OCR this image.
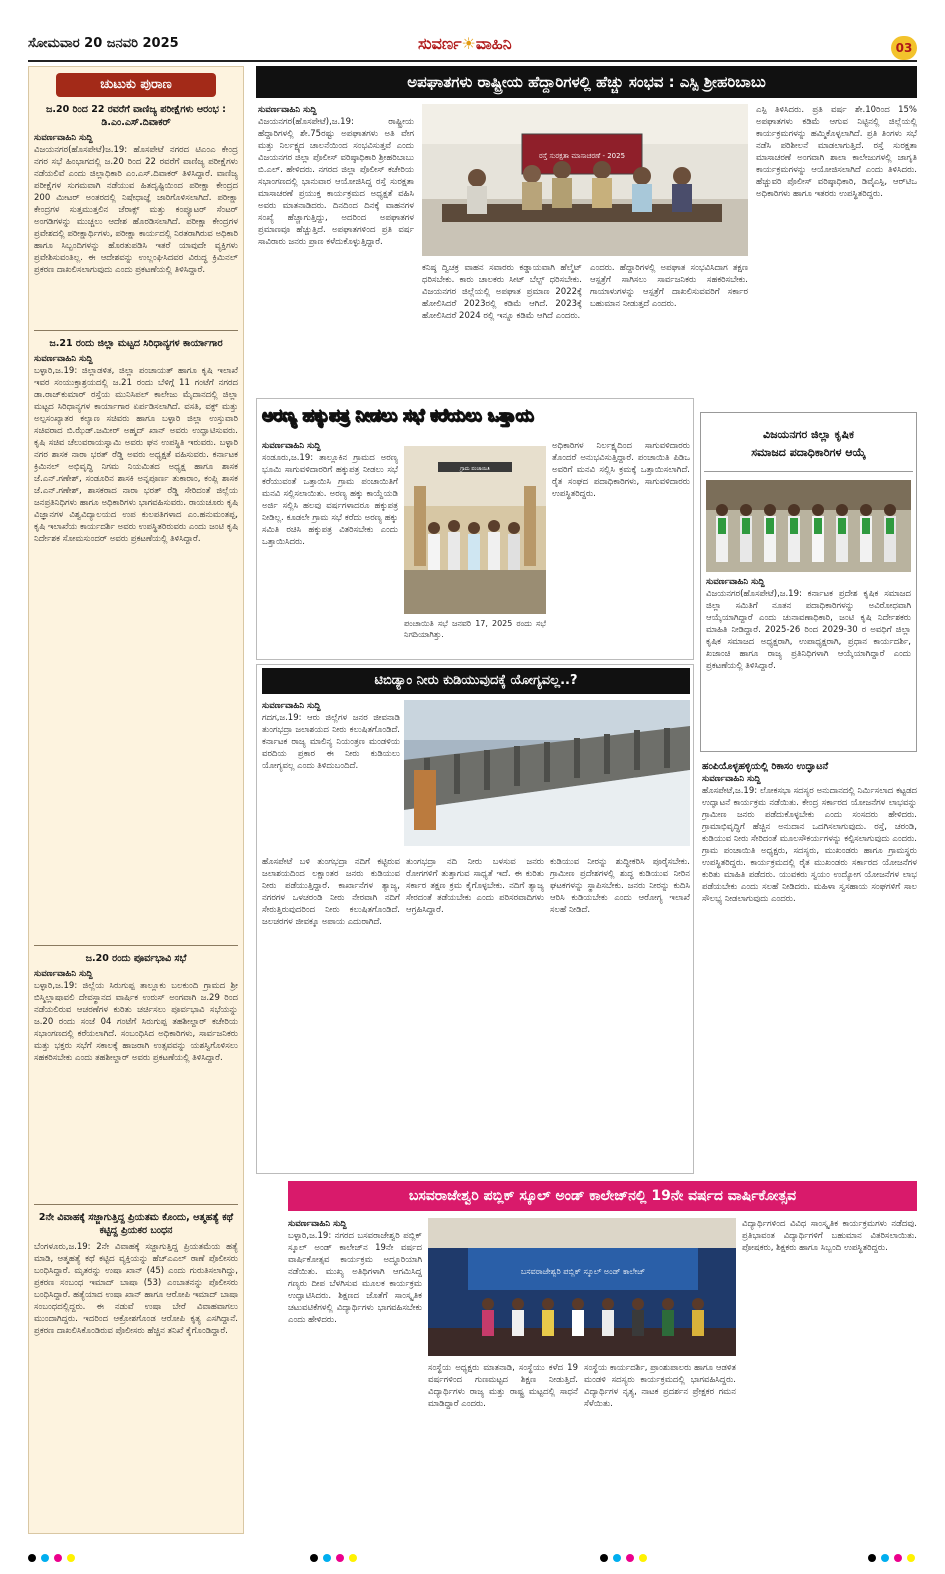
ಸೋಮವಾರ 20 ಜನವರಿ 2025	ಸುವರ್ಣ☀ವಾಹಿನಿ	03
ಚುಟುಕು ಪುರಾಣ
ಜ.20 ರಿಂದ 22 ರವರೆಗೆ ವಾಣಿಜ್ಯ ಪರೀಕ್ಷೆಗಳು ಆರಂಭ : ಡಿ.ಎಂ.ಎಸ್.ದಿವಾಕರ್
ಸುವರ್ಣವಾಹಿನಿ ಸುದ್ದಿ
ವಿಜಯನಗರ(ಹೊಸಪೇಟೆ)ಜ.19: ಹೊಸಪೇಟೆ ನಗರದ ಟಿಎಂಎ ಕೇಂದ್ರ ನಗರ ಸಭೆ ಹಿಂಭಾಗದಲ್ಲಿ ಜ.20 ರಿಂದ 22 ರವರೆಗೆ ವಾಣಿಜ್ಯ ಪರೀಕ್ಷೆಗಳು ನಡೆಯಲಿವೆ ಎಂದು ಜಿಲ್ಲಾಧಿಕಾರಿ ಎಂ.ಎಸ್.ದಿವಾಕರ್ ತಿಳಿಸಿದ್ದಾರೆ. ವಾಣಿಜ್ಯ ಪರೀಕ್ಷೆಗಳ ಸುಗಮವಾಗಿ ನಡೆಯುವ ಹಿತದೃಷ್ಟಿಯಿಂದ ಪರೀಕ್ಷಾ ಕೇಂದ್ರದ 200 ಮೀಟರ್ ಅಂತರದಲ್ಲಿ ನಿಷೇಧಾಜ್ಞೆ ಜಾರಿಗೊಳಿಸಲಾಗಿದೆ. ಪರೀಕ್ಷಾ ಕೇಂದ್ರಗಳ ಸುತ್ತಮುತ್ತಲಿನ ಜೆರಾಕ್ಸ್ ಮತ್ತು ಕಂಪ್ಯೂಟರ್ ಸೆಂಟರ್ ಅಂಗಡಿಗಳನ್ನು ಮುಚ್ಚಲು ಆದೇಶ ಹೊರಡಿಸಲಾಗಿದೆ. ಪರೀಕ್ಷಾ ಕೇಂದ್ರಗಳ ಪ್ರವೇಶದಲ್ಲಿ ಪರೀಕ್ಷಾರ್ಥಿಗಳು, ಪರೀಕ್ಷಾ ಕಾರ್ಯದಲ್ಲಿ ನಿರತರಾಗಿರುವ ಅಧಿಕಾರಿ ಹಾಗೂ ಸಿಬ್ಬಂದಿಗಳನ್ನು ಹೊರತುಪಡಿಸಿ ಇತರೆ ಯಾವುದೇ ವ್ಯಕ್ತಿಗಳು ಪ್ರವೇಶಿಸುವಂತಿಲ್ಲ. ಈ ಆದೇಶವನ್ನು ಉಲ್ಲಂಘಿಸಿದವರ ವಿರುದ್ಧ ಕ್ರಿಮಿನಲ್ ಪ್ರಕರಣ ದಾಖಲಿಸಲಾಗುವುದು ಎಂದು ಪ್ರಕಟಣೆಯಲ್ಲಿ ತಿಳಿಸಿದ್ದಾರೆ.
ಜ.21 ರಂದು ಜಿಲ್ಲಾ ಮಟ್ಟದ ಸಿರಿಧಾನ್ಯಗಳ ಕಾರ್ಯಾಗಾರ
ಸುವರ್ಣವಾಹಿನಿ ಸುದ್ದಿ
ಬಳ್ಳಾರಿ,ಜ.19: ಜಿಲ್ಲಾಡಳಿತ, ಜಿಲ್ಲಾ ಪಂಚಾಯತ್ ಹಾಗೂ ಕೃಷಿ ಇಲಾಖೆ ಇವರ ಸಂಯುಕ್ತಾಶ್ರಯದಲ್ಲಿ ಜ.21 ರಂದು ಬೆಳಿಗ್ಗೆ 11 ಗಂಟೆಗೆ ನಗರದ ಡಾ.ರಾಜ್‌ಕುಮಾರ್ ರಸ್ತೆಯ ಮುನಿಸಿಪಲ್ ಕಾಲೇಜು ಮೈದಾನದಲ್ಲಿ ಜಿಲ್ಲಾ ಮಟ್ಟದ ಸಿರಿಧಾನ್ಯಗಳ ಕಾರ್ಯಾಗಾರ ಏರ್ಪಡಿಸಲಾಗಿದೆ. ವಸತಿ, ವಕ್ಫ್ ಮತ್ತು ಅಲ್ಪಸಂಖ್ಯಾತರ ಕಲ್ಯಾಣ ಸಚಿವರು ಹಾಗೂ ಬಳ್ಳಾರಿ ಜಿಲ್ಲಾ ಉಸ್ತುವಾರಿ ಸಚಿವರಾದ ಬಿ.ಝೆಡ್.ಜಮೀರ್ ಅಹ್ಮದ್ ಖಾನ್ ಅವರು ಉದ್ಘಾಟಿಸುವರು. ಕೃಷಿ ಸಚಿವ ಚೆಲುವರಾಯಸ್ವಾಮಿ ಅವರು ಘನ ಉಪಸ್ಥಿತಿ ಇರುವರು. ಬಳ್ಳಾರಿ ನಗರ ಶಾಸಕ ನಾರಾ ಭರತ್ ರೆಡ್ಡಿ ಅವರು ಅಧ್ಯಕ್ಷತೆ ವಹಿಸುವರು. ಕರ್ನಾಟಕ ಕ್ರಿಮಿನಲ್ ಅಭಿವೃದ್ಧಿ ನಿಗಮ ನಿಯಮಿತದ ಅಧ್ಯಕ್ಷ ಹಾಗೂ ಶಾಸಕ ಜೆ.ಎನ್.ಗಣೇಶ್, ಸಂಡೂರಿನ ಶಾಸಕಿ ಅನ್ನಪೂರ್ಣ ತುಕಾರಾಂ, ಕಂಪ್ಲಿ ಶಾಸಕ ಜೆ.ಎನ್.ಗಣೇಶ್, ಶಾಸಕರಾದ ನಾರಾ ಭರತ್ ರೆಡ್ಡಿ ಸೇರಿದಂತೆ ಜಿಲ್ಲೆಯ ಜನಪ್ರತಿನಿಧಿಗಳು ಹಾಗೂ ಅಧಿಕಾರಿಗಳು ಭಾಗವಹಿಸುವರು. ರಾಯಚೂರು ಕೃಷಿ ವಿಜ್ಞಾನಗಳ ವಿಶ್ವವಿದ್ಯಾಲಯದ ಉಪ ಕುಲಪತಿಗಳಾದ ಎಂ.ಹನುಮಂತಪ್ಪ, ಕೃಷಿ ಇಲಾಖೆಯ ಕಾರ್ಯದರ್ಶಿ ಅವರು ಉಪಸ್ಥಿತರಿರುವರು ಎಂದು ಜಂಟಿ ಕೃಷಿ ನಿರ್ದೇಶಕ ಸೋಮಸುಂದರ್ ಅವರು ಪ್ರಕಟಣೆಯಲ್ಲಿ ತಿಳಿಸಿದ್ದಾರೆ.
ಜ.20 ರಂದು ಪೂರ್ವಭಾವಿ ಸಭೆ
ಸುವರ್ಣವಾಹಿನಿ ಸುದ್ದಿ
ಬಳ್ಳಾರಿ,ಜ.19: ಜಿಲ್ಲೆಯ ಸಿರುಗುಪ್ಪ ತಾಲ್ಲೂಕು ಬಲಕುಂದಿ ಗ್ರಾಮದ ಶ್ರೀ ಬಿಸ್ಮಿಲ್ಲಾಷಾವಲಿ ದೇವಸ್ಥಾನದ ವಾರ್ಷಿಕ ಉರುಸ್ ಅಂಗವಾಗಿ ಜ.29 ರಿಂದ ನಡೆಯಲಿರುವ ಆಚರಣೆಗಳ ಕುರಿತು ಚರ್ಚಿಸಲು ಪೂರ್ವಭಾವಿ ಸಭೆಯನ್ನು ಜ.20 ರಂದು ಸಂಜೆ 04 ಗಂಟೆಗೆ ಸಿರುಗುಪ್ಪ ತಹಶೀಲ್ದಾರ್ ಕಚೇರಿಯ ಸಭಾಂಗಣದಲ್ಲಿ ಕರೆಯಲಾಗಿದೆ. ಸಂಬಂಧಿಸಿದ ಅಧಿಕಾರಿಗಳು, ಸಾರ್ವಜನಿಕರು ಮತ್ತು ಭಕ್ತರು ಸಭೆಗೆ ಸಕಾಲಕ್ಕೆ ಹಾಜರಾಗಿ ಉತ್ಸವವನ್ನು ಯಶಸ್ವಿಗೊಳಿಸಲು ಸಹಕರಿಸಬೇಕು ಎಂದು ತಹಶೀಲ್ದಾರ್ ಅವರು ಪ್ರಕಟಣೆಯಲ್ಲಿ ತಿಳಿಸಿದ್ದಾರೆ.
2ನೇ ವಿವಾಹಕ್ಕೆ ಸಜ್ಜಾಗುತ್ತಿದ್ದ ಪ್ರಿಯತಮ ಕೊಂದು, ಆತ್ಮಹತ್ಯೆ ಕಥೆ ಕಟ್ಟಿದ್ದ ಪ್ರಿಯಕರ ಬಂಧನ
ಬೆಂಗಳೂರು,ಜ.19: 2ನೇ ವಿವಾಹಕ್ಕೆ ಸಜ್ಜಾಗುತ್ತಿದ್ದ ಪ್ರಿಯತಮೆಯ ಹತ್ಯೆ ಮಾಡಿ, ಆತ್ಮಹತ್ಯೆ ಕಥೆ ಕಟ್ಟಿದ ವ್ಯಕ್ತಿಯನ್ನು ಹೆಚ್ಎಎಲ್ ಠಾಣೆ ಪೊಲೀಸರು ಬಂಧಿಸಿದ್ದಾರೆ. ಮೃತರನ್ನು ಉಷಾ ಖಾನ್ (45) ಎಂದು ಗುರುತಿಸಲಾಗಿದ್ದು, ಪ್ರಕರಣ ಸಂಬಂಧ ಇಮಾದ್ ಬಾಷಾ (53) ಎಂಬಾತನನ್ನು ಪೊಲೀಸರು ಬಂಧಿಸಿದ್ದಾರೆ. ಹತ್ಯೆಯಾದ ಉಷಾ ಖಾನ್ ಹಾಗೂ ಆರೋಪಿ ಇಮಾದ್ ಬಾಷಾ ಸಂಬಂಧದಲ್ಲಿದ್ದರು. ಈ ನಡುವೆ ಉಷಾ ಬೇರೆ ವಿವಾಹವಾಗಲು ಮುಂದಾಗಿದ್ದರು. ಇದರಿಂದ ಆಕ್ರೋಶಗೊಂಡ ಆರೋಪಿ ಕೃತ್ಯ ಎಸಗಿದ್ದಾನೆ. ಪ್ರಕರಣ ದಾಖಲಿಸಿಕೊಂಡಿರುವ ಪೊಲೀಸರು ಹೆಚ್ಚಿನ ತನಿಖೆ ಕೈಗೊಂಡಿದ್ದಾರೆ.
ಅಪಘಾತಗಳು ರಾಷ್ಟ್ರೀಯ ಹೆದ್ದಾರಿಗಳಲ್ಲಿ ಹೆಚ್ಚು ಸಂಭವ : ಎಸ್ಪಿ ಶ್ರೀಹರಿಬಾಬು
ಸುವರ್ಣವಾಹಿನಿ ಸುದ್ದಿ
ವಿಜಯನಗರ(ಹೊಸಪೇಟೆ),ಜ.19: ರಾಷ್ಟ್ರೀಯ ಹೆದ್ದಾರಿಗಳಲ್ಲಿ ಶೇ.75ರಷ್ಟು ಅಪಘಾತಗಳು ಅತಿ ವೇಗ ಮತ್ತು ನಿರ್ಲಕ್ಷ್ಯದ ಚಾಲನೆಯಿಂದ ಸಂಭವಿಸುತ್ತವೆ ಎಂದು ವಿಜಯನಗರ ಜಿಲ್ಲಾ ಪೊಲೀಸ್ ವರಿಷ್ಠಾಧಿಕಾರಿ ಶ್ರೀಹರಿಬಾಬು ಬಿ.ಎಲ್. ಹೇಳಿದರು. ನಗರದ ಜಿಲ್ಲಾ ಪೊಲೀಸ್ ಕಚೇರಿಯ ಸಭಾಂಗಣದಲ್ಲಿ ಭಾನುವಾರ ಆಯೋಜಿಸಿದ್ದ ರಸ್ತೆ ಸುರಕ್ಷತಾ ಮಾಸಾಚರಣೆ ಪ್ರಯುಕ್ತ ಕಾರ್ಯಕ್ರಮದ ಅಧ್ಯಕ್ಷತೆ ವಹಿಸಿ ಅವರು ಮಾತನಾಡಿದರು. ದಿನದಿಂದ ದಿನಕ್ಕೆ ವಾಹನಗಳ ಸಂಖ್ಯೆ ಹೆಚ್ಚಾಗುತ್ತಿದ್ದು, ಅದರಿಂದ ಅಪಘಾತಗಳ ಪ್ರಮಾಣವೂ ಹೆಚ್ಚುತ್ತಿದೆ. ಅಪಘಾತಗಳಿಂದ ಪ್ರತಿ ವರ್ಷ ಸಾವಿರಾರು ಜನರು ಪ್ರಾಣ ಕಳೆದುಕೊಳ್ಳುತ್ತಿದ್ದಾರೆ.
ರಸ್ತೆ ಸುರಕ್ಷತಾ ಮಾಸಾಚರಣೆ - 2025
ಕನಿಷ್ಠ ದ್ವಿಚಕ್ರ ವಾಹನ ಸವಾರರು ಕಡ್ಡಾಯವಾಗಿ ಹೆಲ್ಮೆಟ್ ಧರಿಸಬೇಕು. ಕಾರು ಚಾಲಕರು ಸೀಟ್ ಬೆಲ್ಟ್ ಧರಿಸಬೇಕು. ವಿಜಯನಗರ ಜಿಲ್ಲೆಯಲ್ಲಿ ಅಪಘಾತ ಪ್ರಮಾಣ 2022ಕ್ಕೆ ಹೋಲಿಸಿದರೆ 2023ರಲ್ಲಿ ಕಡಿಮೆ ಆಗಿದೆ. 2023ಕ್ಕೆ ಹೋಲಿಸಿದರೆ 2024 ರಲ್ಲಿ ಇನ್ನೂ ಕಡಿಮೆ ಆಗಿದೆ ಎಂದರು.
ಎಂದರು. ಹೆದ್ದಾರಿಗಳಲ್ಲಿ ಅಪಘಾತ ಸಂಭವಿಸಿದಾಗ ತಕ್ಷಣ ಆಸ್ಪತ್ರೆಗೆ ಸಾಗಿಸಲು ಸಾರ್ವಜನಿಕರು ಸಹಕರಿಸಬೇಕು. ಗಾಯಾಳುಗಳನ್ನು ಆಸ್ಪತ್ರೆಗೆ ದಾಖಲಿಸುವವರಿಗೆ ಸರ್ಕಾರ ಬಹುಮಾನ ನೀಡುತ್ತದೆ ಎಂದರು.
ಎಸ್ಪಿ ತಿಳಿಸಿದರು. ಪ್ರತಿ ವರ್ಷ ಶೇ.10ರಿಂದ 15% ಅಪಘಾತಗಳು ಕಡಿಮೆ ಆಗುವ ನಿಟ್ಟಿನಲ್ಲಿ ಜಿಲ್ಲೆಯಲ್ಲಿ ಕಾರ್ಯಕ್ರಮಗಳನ್ನು ಹಮ್ಮಿಕೊಳ್ಳಲಾಗಿದೆ. ಪ್ರತಿ ತಿಂಗಳು ಸಭೆ ನಡೆಸಿ ಪರಿಶೀಲನೆ ಮಾಡಲಾಗುತ್ತಿದೆ. ರಸ್ತೆ ಸುರಕ್ಷತಾ ಮಾಸಾಚರಣೆ ಅಂಗವಾಗಿ ಶಾಲಾ ಕಾಲೇಜುಗಳಲ್ಲಿ ಜಾಗೃತಿ ಕಾರ್ಯಕ್ರಮಗಳನ್ನು ಆಯೋಜಿಸಲಾಗಿದೆ ಎಂದು ತಿಳಿಸಿದರು. ಹೆಚ್ಚುವರಿ ಪೊಲೀಸ್ ವರಿಷ್ಠಾಧಿಕಾರಿ, ಡಿವೈಎಸ್ಪಿ, ಆರ್‌ಟಿಒ ಅಧಿಕಾರಿಗಳು ಹಾಗೂ ಇತರರು ಉಪಸ್ಥಿತರಿದ್ದರು.
ಅರಣ್ಯ ಹಕ್ಕುಪತ್ರ ನೀಡಲು ಸಭೆ ಕರೆಯಲು ಒತ್ತಾಯ
ಸುವರ್ಣವಾಹಿನಿ ಸುದ್ದಿ
ಸಂಡೂರು,ಜ.19: ತಾಲ್ಲೂಕಿನ ಗ್ರಾಮದ ಅರಣ್ಯ ಭೂಮಿ ಸಾಗುವಳಿದಾರರಿಗೆ ಹಕ್ಕುಪತ್ರ ನೀಡಲು ಸಭೆ ಕರೆಯುವಂತೆ ಒತ್ತಾಯಿಸಿ ಗ್ರಾಮ ಪಂಚಾಯಿತಿಗೆ ಮನವಿ ಸಲ್ಲಿಸಲಾಯಿತು. ಅರಣ್ಯ ಹಕ್ಕು ಕಾಯ್ದೆಯಡಿ ಅರ್ಜಿ ಸಲ್ಲಿಸಿ ಹಲವು ವರ್ಷಗಳಾದರೂ ಹಕ್ಕುಪತ್ರ ನೀಡಿಲ್ಲ. ಕೂಡಲೇ ಗ್ರಾಮ ಸಭೆ ಕರೆದು ಅರಣ್ಯ ಹಕ್ಕು ಸಮಿತಿ ರಚಿಸಿ ಹಕ್ಕುಪತ್ರ ವಿತರಿಸಬೇಕು ಎಂದು ಒತ್ತಾಯಿಸಿದರು.
ಗ್ರಾಮ ಪಂಚಾಯಿತಿ
ಪಂಚಾಯಿತಿ ಸಭೆ ಜನವರಿ 17, 2025 ರಂದು ಸಭೆ ನಿಗದಿಯಾಗಿತ್ತು.
ಅಧಿಕಾರಿಗಳ ನಿರ್ಲಕ್ಷ್ಯದಿಂದ ಸಾಗುವಳಿದಾರರು ತೊಂದರೆ ಅನುಭವಿಸುತ್ತಿದ್ದಾರೆ. ಪಂಚಾಯಿತಿ ಪಿಡಿಒ ಅವರಿಗೆ ಮನವಿ ಸಲ್ಲಿಸಿ ಕ್ರಮಕ್ಕೆ ಒತ್ತಾಯಿಸಲಾಗಿದೆ. ರೈತ ಸಂಘದ ಪದಾಧಿಕಾರಿಗಳು, ಸಾಗುವಳಿದಾರರು ಉಪಸ್ಥಿತರಿದ್ದರು.
ವಿಜಯನಗರ ಜಿಲ್ಲಾ ಕೃಷಿಕ
ಸಮಾಜದ ಪದಾಧಿಕಾರಿಗಳ ಆಯ್ಕೆ
ಸುವರ್ಣವಾಹಿನಿ ಸುದ್ದಿ
ವಿಜಯನಗರ(ಹೊಸಪೇಟೆ),ಜ.19: ಕರ್ನಾಟಕ ಪ್ರದೇಶ ಕೃಷಿಕ ಸಮಾಜದ ಜಿಲ್ಲಾ ಸಮಿತಿಗೆ ನೂತನ ಪದಾಧಿಕಾರಿಗಳನ್ನು ಅವಿರೋಧವಾಗಿ ಆಯ್ಕೆಯಾಗಿದ್ದಾರೆ ಎಂದು ಚುನಾವಣಾಧಿಕಾರಿ, ಜಂಟಿ ಕೃಷಿ ನಿರ್ದೇಶಕರು ಮಾಹಿತಿ ನೀಡಿದ್ದಾರೆ. 2025-26 ರಿಂದ 2029-30 ರ ಅವಧಿಗೆ ಜಿಲ್ಲಾ ಕೃಷಿಕ ಸಮಾಜದ ಅಧ್ಯಕ್ಷರಾಗಿ, ಉಪಾಧ್ಯಕ್ಷರಾಗಿ, ಪ್ರಧಾನ ಕಾರ್ಯದರ್ಶಿ, ಖಜಾಂಚಿ ಹಾಗೂ ರಾಜ್ಯ ಪ್ರತಿನಿಧಿಗಳಾಗಿ ಆಯ್ಕೆಯಾಗಿದ್ದಾರೆ ಎಂದು ಪ್ರಕಟಣೆಯಲ್ಲಿ ತಿಳಿಸಿದ್ದಾರೆ.
ಟಿಬಿಡ್ಯಾಂ ನೀರು ಕುಡಿಯುವುದಕ್ಕೆ ಯೋಗ್ಯವಲ್ಲ..?
ಸುವರ್ಣವಾಹಿನಿ ಸುದ್ದಿ
ಗದಗ,ಜ.19: ಆರು ಜಿಲ್ಲೆಗಳ ಜನರ ಜೀವನಾಡಿ ತುಂಗಭದ್ರಾ ಜಲಾಶಯದ ನೀರು ಕಲುಷಿತಗೊಂಡಿದೆ. ಕರ್ನಾಟಕ ರಾಜ್ಯ ಮಾಲಿನ್ಯ ನಿಯಂತ್ರಣ ಮಂಡಳಿಯ ವರದಿಯ ಪ್ರಕಾರ ಈ ನೀರು ಕುಡಿಯಲು ಯೋಗ್ಯವಲ್ಲ ಎಂದು ತಿಳಿದುಬಂದಿದೆ.
ಹೊಸಪೇಟೆ ಬಳಿ ತುಂಗಭದ್ರಾ ನದಿಗೆ ಕಟ್ಟಿರುವ ಜಲಾಶಯದಿಂದ ಲಕ್ಷಾಂತರ ಜನರು ಕುಡಿಯುವ ನೀರು ಪಡೆಯುತ್ತಿದ್ದಾರೆ. ಕಾರ್ಖಾನೆಗಳ ತ್ಯಾಜ್ಯ, ನಗರಗಳ ಒಳಚರಂಡಿ ನೀರು ನೇರವಾಗಿ ನದಿಗೆ ಸೇರುತ್ತಿರುವುದರಿಂದ ನೀರು ಕಲುಷಿತಗೊಂಡಿದೆ. ಜಲಚರಗಳ ಜೀವಕ್ಕೂ ಅಪಾಯ ಎದುರಾಗಿದೆ.
ತುಂಗಭದ್ರಾ ನದಿ ನೀರು ಬಳಸುವ ಜನರು ರೋಗಗಳಿಗೆ ತುತ್ತಾಗುವ ಸಾಧ್ಯತೆ ಇದೆ. ಈ ಕುರಿತು ಸರ್ಕಾರ ತಕ್ಷಣ ಕ್ರಮ ಕೈಗೊಳ್ಳಬೇಕು. ನದಿಗೆ ತ್ಯಾಜ್ಯ ಸೇರದಂತೆ ತಡೆಯಬೇಕು ಎಂದು ಪರಿಸರವಾದಿಗಳು ಆಗ್ರಹಿಸಿದ್ದಾರೆ.
ಕುಡಿಯುವ ನೀರನ್ನು ಶುದ್ಧೀಕರಿಸಿ ಪೂರೈಸಬೇಕು. ಗ್ರಾಮೀಣ ಪ್ರದೇಶಗಳಲ್ಲಿ ಶುದ್ಧ ಕುಡಿಯುವ ನೀರಿನ ಘಟಕಗಳನ್ನು ಸ್ಥಾಪಿಸಬೇಕು. ಜನರು ನೀರನ್ನು ಕುದಿಸಿ ಆರಿಸಿ ಕುಡಿಯಬೇಕು ಎಂದು ಆರೋಗ್ಯ ಇಲಾಖೆ ಸಲಹೆ ನೀಡಿದೆ.
ಹಂಪಿಯೊಳ್ಳಹಳ್ಳಿಯಲ್ಲಿ ರಿಕಾಸಂ ಉದ್ಘಾಟನೆ
ಸುವರ್ಣವಾಹಿನಿ ಸುದ್ದಿ
ಹೊಸಪೇಟೆ,ಜ.19: ಲೋಕಸಭಾ ಸದಸ್ಯರ ಅನುದಾನದಲ್ಲಿ ನಿರ್ಮಿಸಲಾದ ಕಟ್ಟಡದ ಉದ್ಘಾಟನೆ ಕಾರ್ಯಕ್ರಮ ನಡೆಯಿತು. ಕೇಂದ್ರ ಸರ್ಕಾರದ ಯೋಜನೆಗಳ ಲಾಭವನ್ನು ಗ್ರಾಮೀಣ ಜನರು ಪಡೆದುಕೊಳ್ಳಬೇಕು ಎಂದು ಸಂಸದರು ಹೇಳಿದರು. ಗ್ರಾಮಾಭಿವೃದ್ಧಿಗೆ ಹೆಚ್ಚಿನ ಅನುದಾನ ಒದಗಿಸಲಾಗುವುದು. ರಸ್ತೆ, ಚರಂಡಿ, ಕುಡಿಯುವ ನೀರು ಸೇರಿದಂತೆ ಮೂಲಸೌಕರ್ಯಗಳನ್ನು ಕಲ್ಪಿಸಲಾಗುವುದು ಎಂದರು. ಗ್ರಾಮ ಪಂಚಾಯಿತಿ ಅಧ್ಯಕ್ಷರು, ಸದಸ್ಯರು, ಮುಖಂಡರು ಹಾಗೂ ಗ್ರಾಮಸ್ಥರು ಉಪಸ್ಥಿತರಿದ್ದರು. ಕಾರ್ಯಕ್ರಮದಲ್ಲಿ ರೈತ ಮುಖಂಡರು ಸರ್ಕಾರದ ಯೋಜನೆಗಳ ಕುರಿತು ಮಾಹಿತಿ ಪಡೆದರು. ಯುವಕರು ಸ್ವಯಂ ಉದ್ಯೋಗ ಯೋಜನೆಗಳ ಲಾಭ ಪಡೆಯಬೇಕು ಎಂದು ಸಲಹೆ ನೀಡಿದರು. ಮಹಿಳಾ ಸ್ವಸಹಾಯ ಸಂಘಗಳಿಗೆ ಸಾಲ ಸೌಲಭ್ಯ ನೀಡಲಾಗುವುದು ಎಂದರು.
ಬಸವರಾಜೇಶ್ವರಿ ಪಬ್ಲಿಕ್ ಸ್ಕೂಲ್ ಅಂಡ್ ಕಾಲೇಜ್‌ನಲ್ಲಿ 19ನೇ ವರ್ಷದ ವಾರ್ಷಿಕೋತ್ಸವ
ಸುವರ್ಣವಾಹಿನಿ ಸುದ್ದಿ
ಬಳ್ಳಾರಿ,ಜ.19: ನಗರದ ಬಸವರಾಜೇಶ್ವರಿ ಪಬ್ಲಿಕ್ ಸ್ಕೂಲ್ ಅಂಡ್ ಕಾಲೇಜ್‌ನ 19ನೇ ವರ್ಷದ ವಾರ್ಷಿಕೋತ್ಸವ ಕಾರ್ಯಕ್ರಮ ಅದ್ಧೂರಿಯಾಗಿ ನಡೆಯಿತು. ಮುಖ್ಯ ಅತಿಥಿಗಳಾಗಿ ಆಗಮಿಸಿದ್ದ ಗಣ್ಯರು ದೀಪ ಬೆಳಗಿಸುವ ಮೂಲಕ ಕಾರ್ಯಕ್ರಮ ಉದ್ಘಾಟಿಸಿದರು. ಶಿಕ್ಷಣದ ಜೊತೆಗೆ ಸಾಂಸ್ಕೃತಿಕ ಚಟುವಟಿಕೆಗಳಲ್ಲಿ ವಿದ್ಯಾರ್ಥಿಗಳು ಭಾಗವಹಿಸಬೇಕು ಎಂದು ಹೇಳಿದರು.
ಬಸವರಾಜೇಶ್ವರಿ ಪಬ್ಲಿಕ್ ಸ್ಕೂಲ್ ಅಂಡ್ ಕಾಲೇಜ್
ಸಂಸ್ಥೆಯ ಅಧ್ಯಕ್ಷರು ಮಾತನಾಡಿ, ಸಂಸ್ಥೆಯು ಕಳೆದ 19 ವರ್ಷಗಳಿಂದ ಗುಣಮಟ್ಟದ ಶಿಕ್ಷಣ ನೀಡುತ್ತಿದೆ. ವಿದ್ಯಾರ್ಥಿಗಳು ರಾಜ್ಯ ಮತ್ತು ರಾಷ್ಟ್ರ ಮಟ್ಟದಲ್ಲಿ ಸಾಧನೆ ಮಾಡಿದ್ದಾರೆ ಎಂದರು.
ಸಂಸ್ಥೆಯ ಕಾರ್ಯದರ್ಶಿ, ಪ್ರಾಂಶುಪಾಲರು ಹಾಗೂ ಆಡಳಿತ ಮಂಡಳಿ ಸದಸ್ಯರು ಕಾರ್ಯಕ್ರಮದಲ್ಲಿ ಭಾಗವಹಿಸಿದ್ದರು. ವಿದ್ಯಾರ್ಥಿಗಳ ನೃತ್ಯ, ನಾಟಕ ಪ್ರದರ್ಶನ ಪ್ರೇಕ್ಷಕರ ಗಮನ ಸೆಳೆಯಿತು.
ವಿದ್ಯಾರ್ಥಿಗಳಿಂದ ವಿವಿಧ ಸಾಂಸ್ಕೃತಿಕ ಕಾರ್ಯಕ್ರಮಗಳು ನಡೆದವು. ಪ್ರತಿಭಾವಂತ ವಿದ್ಯಾರ್ಥಿಗಳಿಗೆ ಬಹುಮಾನ ವಿತರಿಸಲಾಯಿತು. ಪೋಷಕರು, ಶಿಕ್ಷಕರು ಹಾಗೂ ಸಿಬ್ಬಂದಿ ಉಪಸ್ಥಿತರಿದ್ದರು.
